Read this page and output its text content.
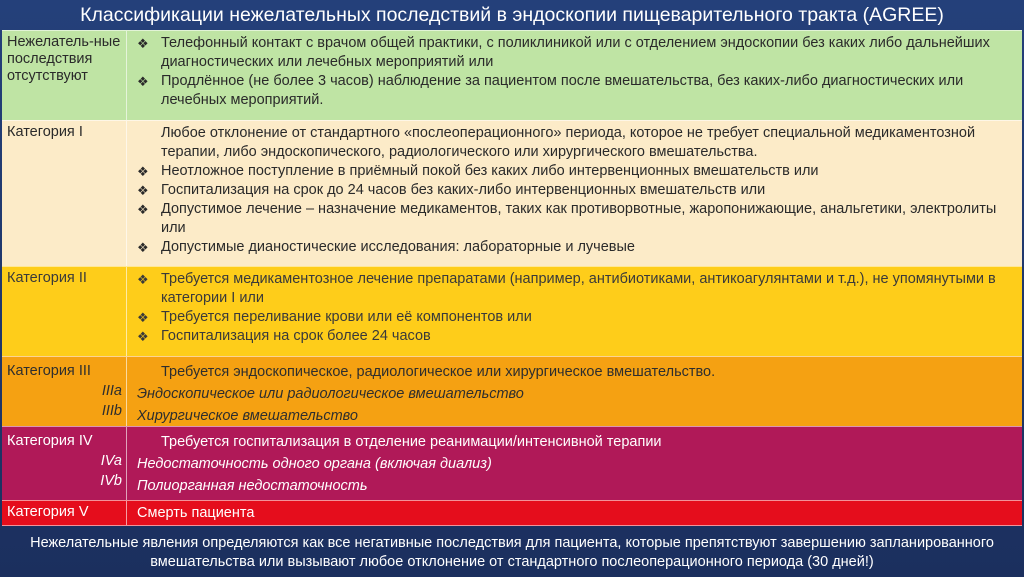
Классификации нежелательных последствий в эндоскопии пищеварительного тракта (AGREE)
Нежелатель-ные последствия отсутствуют
❖ Телефонный контакт с врачом общей практики, с поликлиникой или с отделением эндоскопии без каких либо дальнейших диагностических или лечебных мероприятий или
❖ Продлённое (не более 3 часов) наблюдение за пациентом после вмешательства, без каких-либо диагностических или лечебных мероприятий.
Категория I	Любое отклонение от стандартного «послеоперационного» периода, которое не требует специальной медикаментозной терапии, либо эндоскопического, радиологического или хирургического вмешательства.
❖ Неотложное поступление в приёмный покой без каких либо интервенционных вмешательств или
❖ Госпитализация на срок до 24 часов без каких-либо интервенционных вмешательств или
❖ Допустимое лечение – назначение медикаментов, таких как противорвотные, жаропонижающие, анальгетики, электролиты или
❖ Допустимые дианостические исследования: лабораторные и лучевые
Категория II
❖	Требуется медикаментозное лечение препаратами (например, антибиотиками, антикоагулянтами и т.д.), не упомянутыми в категории I или
❖ Требуется переливание крови или её компонентов или
❖ Госпитализация на срок более 24 часов
Категория III
IIIa
IIIb
Требуется эндоскопическое, радиологическое или хирургическое вмешательство.
Эндоскопическое или радиологическое вмешательство
Хирургическое вмешательство
Категория IV
IVa
IVb
Требуется госпитализация в отделение реанимации/интенсивной терапии
Недостаточность одного органа (включая диализ)
Полиорганная недостаточность
Категория V	Смерть пациента
Нежелательные явления определяются как все негативные последствия для пациента, которые препятствуют завершению запланированного вмешательства или вызывают любое отклонение от стандартного послеоперационного периода (30 дней!)
